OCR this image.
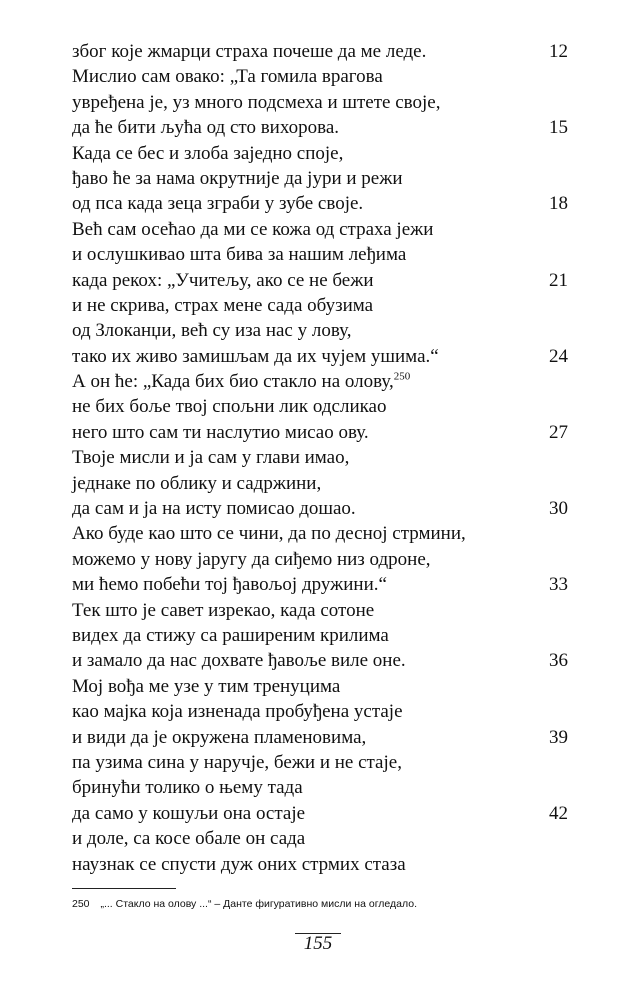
због које жмарци страха почеше да ме леде.	12
Мислио сам овако: „Та гомила врагова
увређена је, уз много подсмеха и штете своје,
да ће бити љућа од сто вихорова.	15
Када се бес и злоба заједно споје,
ђаво ће за нама окрутније да јури и режи
од пса када зеца зграби у зубе своје.	18
Већ сам осећао да ми се кожа од страха јежи
и ослушкивао шта бива за нашим леђима
када рекох: „Учитељу, ако се не бежи	21
и не скрива, страх мене сада обузима
од Злоканџи, већ су иза нас у лову,
тако их живо замишљам да их чујем ушима.“	24
А он ће: „Када бих био стакло на олову,$^{250}$
не бих боље твој спољни лик одсликао
него што сам ти наслутио мисао ову.	27
Твоје мисли и ја сам у глави имао,
једнаке по облику и садржини,
да сам и ја на исту помисао дошао.	30
Ако буде као што се чини, да по десној стрмини,
можемо у нову јаругу да сиђемо низ одроне,
ми ћемо побећи тој ђавољој дружини.“	33
Тек што је савет изрекао, када сотоне
видех да стижу са раширеним крилима
и замало да нас дохвате ђавоље виле оне.	36
Мој вођа ме узе у тим тренуцима
као мајка која изненада пробуђена устаје
и види да је окружена пламеновима,	39
па узима сина у наручје, бежи и не стаје,
бринући толико о њему тада
да само у кошуљи она остаје	42
и доле, са косе обале он сада
наузнак се спусти дуж оних стрмих стаза
250 „... Стакло на олову ...“ – Данте фигуративно мисли на огледало.
155
